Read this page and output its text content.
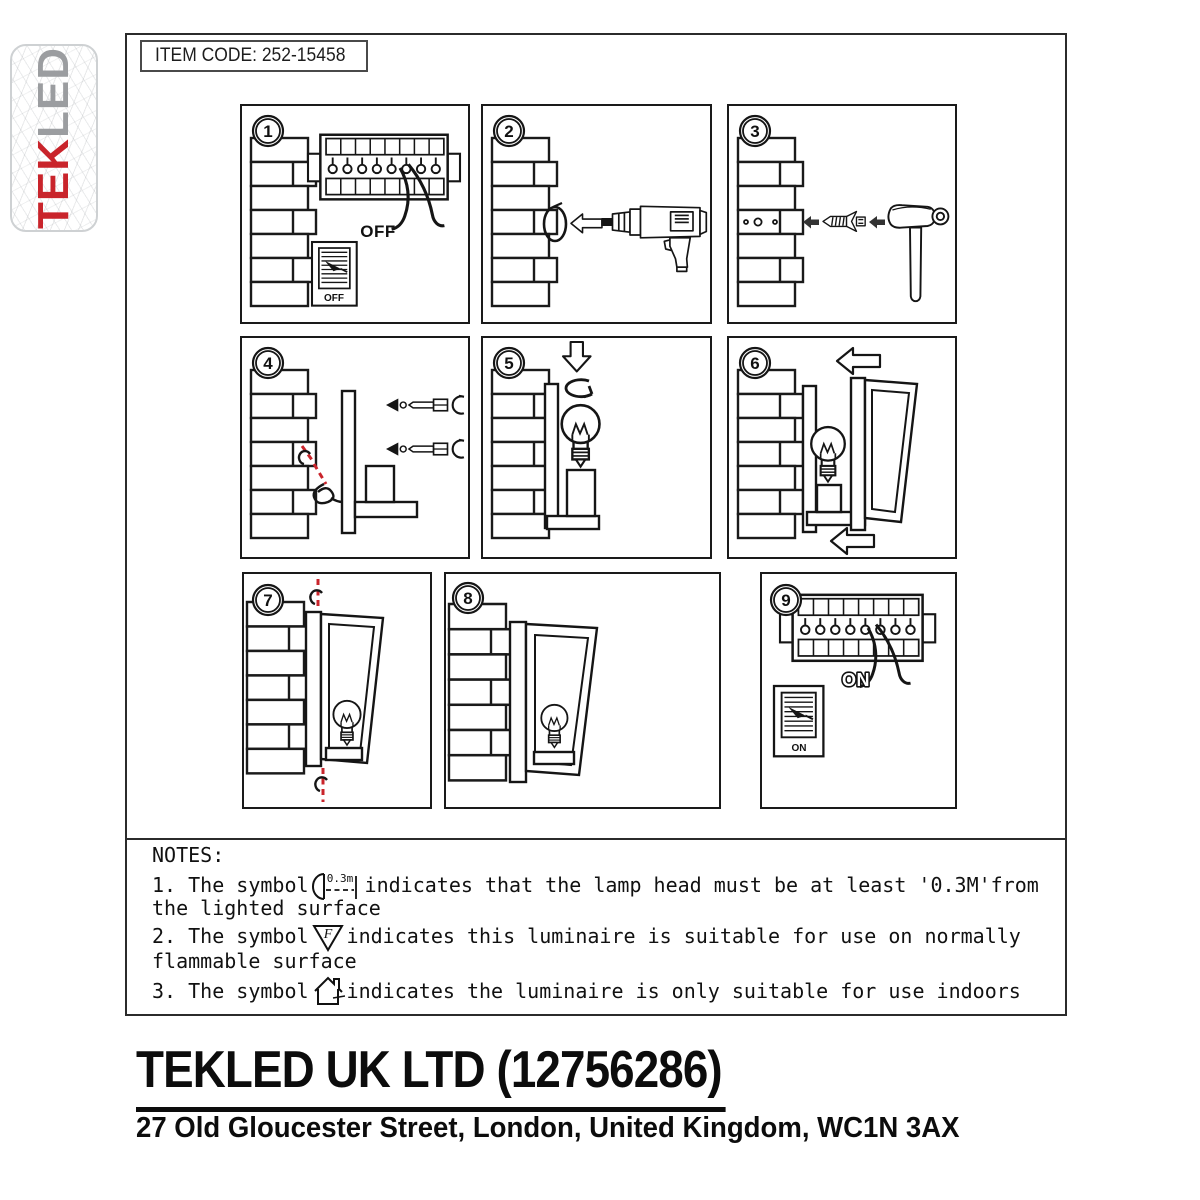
TEKLED	ITEM CODE: 252-15458
OFF
OFF
1	2	3
4	5	6
7	8
ON
ON
9
NOTES:
1. The symbol 0.3m indicates that the lamp head must be at least '0.3M'from
the lighted surface
2. The symbol F indicates this luminaire is suitable for use on normally
flammable surface
3. The symbol indicates the luminaire is only suitable for use indoors
TEKLED UK LTD (12756286)
27 Old Gloucester Street, London, United Kingdom, WC1N 3AX
